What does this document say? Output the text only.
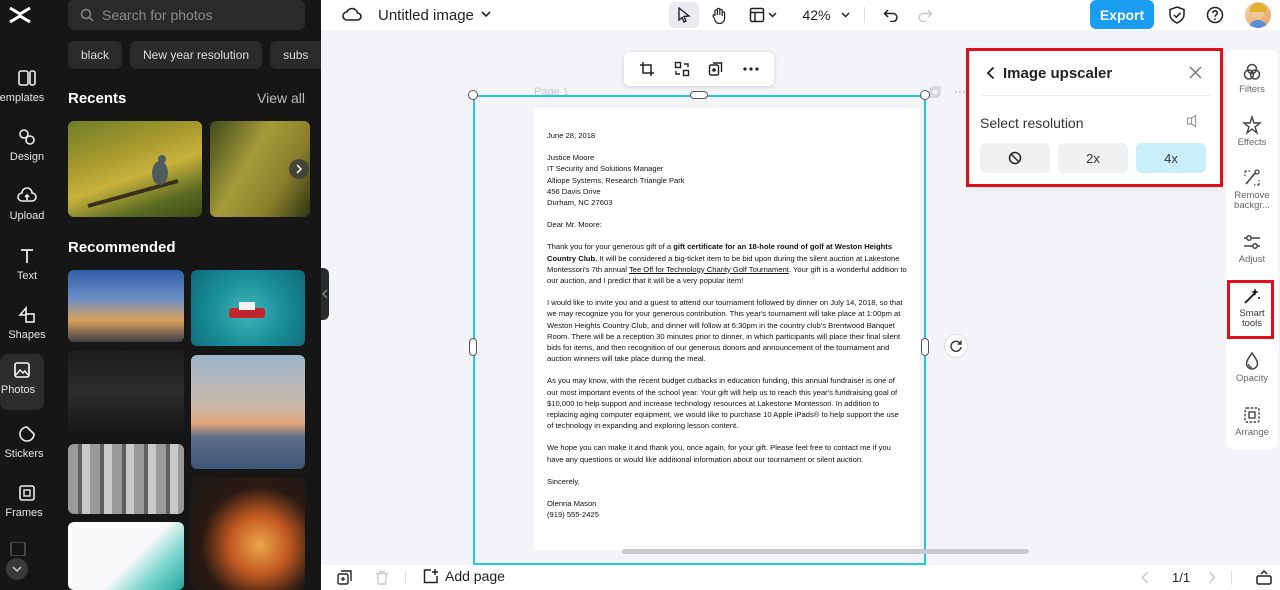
emplates
Design
Upload
Text
Shapes
Photos
Stickers
Frames
Search for photos
black	New year resolution	subs
Recents	View all
Recommended
Untitled image	42%	Export
Page 1	⋯

June 28, 2018

Justice Moore
IT Security and Solutions Manager
Alliope Systems, Research Triangle Park
456 Davis Drive
Durham, NC 27603

Dear Mr. Moore:

Thank you for your generous gift of a gift certificate for an 18-hole round of golf at Weston Heights Country Club. It will be considered a big-ticket item to be bid upon during the silent auction at Lakestone Montessori's 7th annual Tee Off for Technology Charity Golf Tournament. Your gift is a wonderful addition to our auction, and I predict that it will be a very popular item!

I would like to invite you and a guest to attend our tournament followed by dinner on July 14, 2018, so that we may recognize you for your generous contribution. This year's tournament will take place at 1:00pm at Weston Heights Country Club, and dinner will follow at 6:30pm in the country club's Brentwood Banquet Room. There will be a reception 30 minutes prior to dinner, in which participants will place their final silent bids for items, and then recognition of our generous donors and announcement of the tournament and auction winners will take place during the meal.

As you may know, with the recent budget cutbacks in education funding, this annual fundraiser is one of our most important events of the school year. Your gift will help us to reach this year's fundraising goal of $10,000 to help support and increase technology resources at Lakestone Montessori. In addition to replacing aging computer equipment, we would like to purchase 10 Apple iPads® to help support the use of technology in expanding and exploring lesson content.

We hope you can make it and thank you, once again, for your gift. Please feel free to contact me if you have any questions or would like additional information about our tournament or silent auction.

Sincerely,

Olenna Mason
(919) 555-2425
Image upscaler
Select resolution
2x	4x
Filters
Effects
Remove backgr...
Adjust
Smart tools
Opacity
Arrange
Add page	1/1
